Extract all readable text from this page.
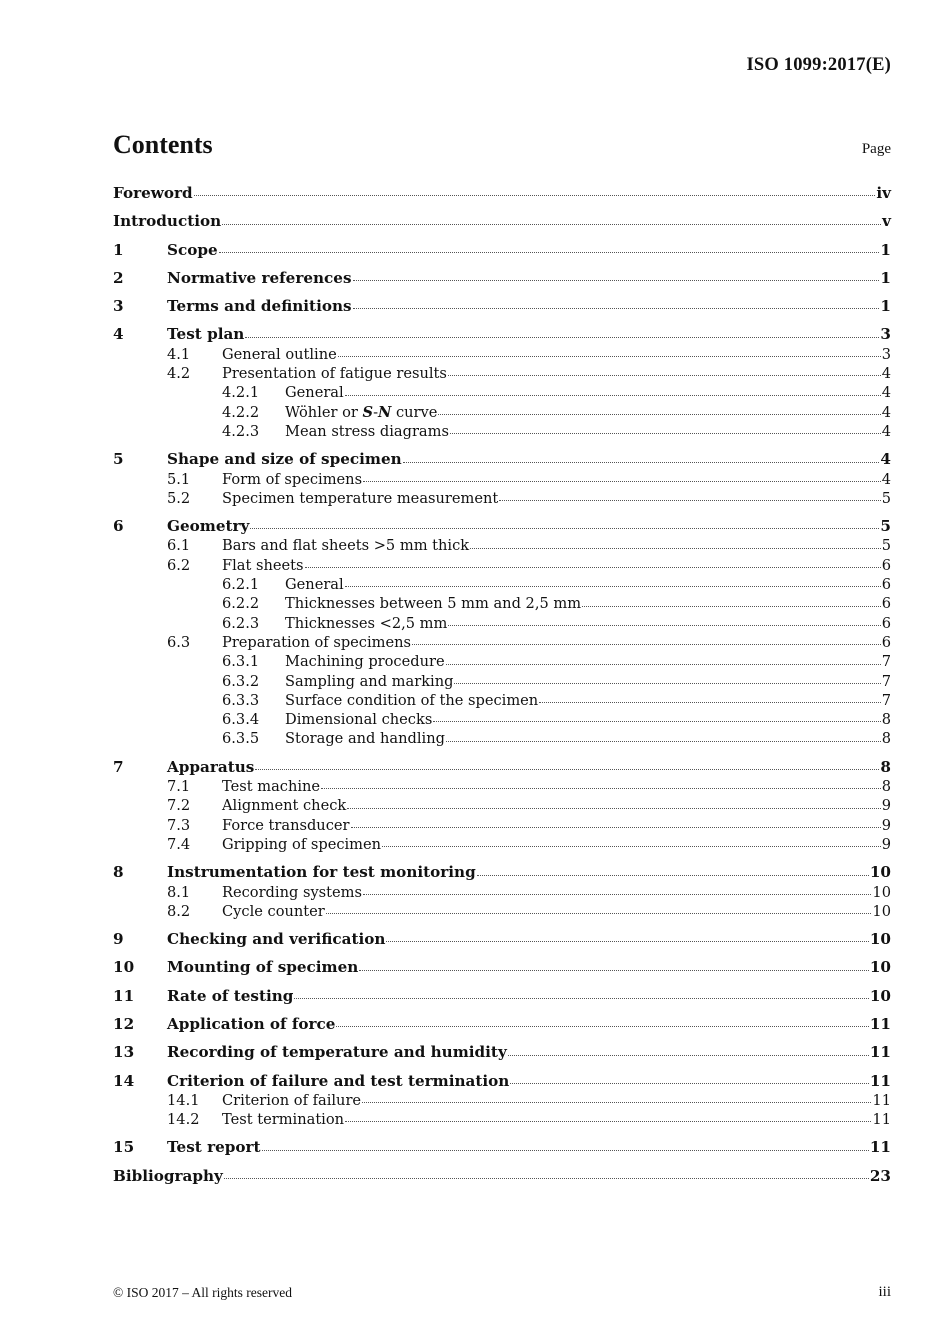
ISO 1099:2017(E)
Contents	Page
Foreword	iv
Introduction	v
1	Scope	1
2	Normative references	1
3	Terms and definitions	1
4	Test plan	3
4.1	General outline	3
4.2	Presentation of fatigue results	4
4.2.1	General	4
4.2.2	Wöhler or S-N curve	4
4.2.3	Mean stress diagrams	4
5	Shape and size of specimen	4
5.1	Form of specimens	4
5.2	Specimen temperature measurement	5
6	Geometry	5
6.1	Bars and flat sheets >5 mm thick	5
6.2	Flat sheets	6
6.2.1	General	6
6.2.2	Thicknesses between 5 mm and 2,5 mm	6
6.2.3	Thicknesses <2,5 mm	6
6.3	Preparation of specimens	6
6.3.1	Machining procedure	7
6.3.2	Sampling and marking	7
6.3.3	Surface condition of the specimen	7
6.3.4	Dimensional checks	8
6.3.5	Storage and handling	8
7	Apparatus	8
7.1	Test machine	8
7.2	Alignment check	9
7.3	Force transducer	9
7.4	Gripping of specimen	9
8	Instrumentation for test monitoring	10
8.1	Recording systems	10
8.2	Cycle counter	10
9	Checking and verification	10
10	Mounting of specimen	10
11	Rate of testing	10
12	Application of force	11
13	Recording of temperature and humidity	11
14	Criterion of failure and test termination	11
14.1	Criterion of failure	11
14.2	Test termination	11
15	Test report	11
Bibliography	23
© ISO 2017 – All rights reserved	iii
